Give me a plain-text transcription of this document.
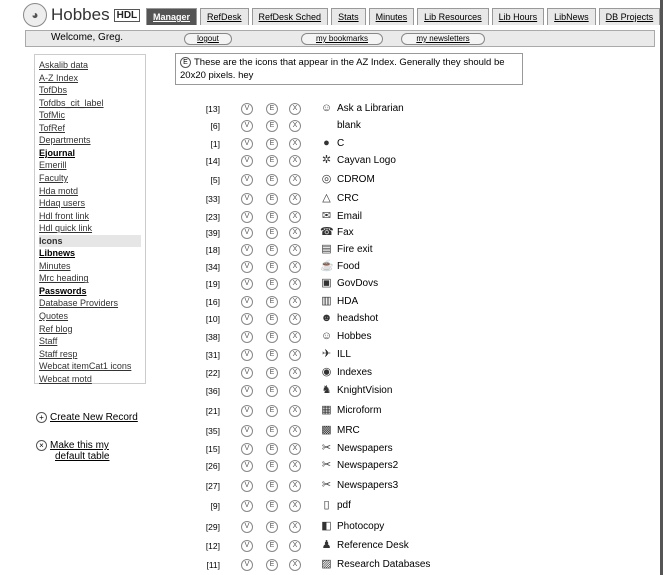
◕ Hobbes HDL	Manager	RefDesk	RefDesk Sched	Stats	Minutes	Lib Resources	Lib Hours	LibNews	DB Projects
Welcome, Greg.	logout	my bookmarks	my newsletters
Askalib data
A-Z Index
TofDbs
Tofdbs_cit_label
TofMic
TofRef
Departments
Ejournal
Emerill
Faculty
Hda motd
Hdaq users
Hdl front link
Hdl quick link
Icons
Libnews
Minutes
Mrc heading
Passwords
Database Providers
Quotes
Ref blog
Staff
Staff resp
Webcat itemCat1 icons
Webcat motd
+ Create New Record
× Make this my
default table
E These are the icons that appear in the AZ Index. Generally they should be 20x20 pixels. hey
[13]	V	E	X	☺ Ask a Librarian
[6]	V	E	X	blank
[1]	V	E	X	● C
[14]	V	E	X	✲ Cayvan Logo
[5]	V	E	X	◎ CDROM
[33]	V	E	X	△ CRC
[23]	V	E	X	✉ Email
[39]	V	E	X	☎ Fax
[18]	V	E	X	▤ Fire exit
[34]	V	E	X	☕ Food
[19]	V	E	X	▣ GovDovs
[16]	V	E	X	▥ HDA
[10]	V	E	X	☻ headshot
[38]	V	E	X	☺ Hobbes
[31]	V	E	X	✈ ILL
[22]	V	E	X	◉ Indexes
[36]	V	E	X	♞ KnightVision
[21]	V	E	X	▦ Microform
[35]	V	E	X	▩ MRC
[15]	V	E	X	✂ Newspapers
[26]	V	E	X	✂ Newspapers2
[27]	V	E	X	✂ Newspapers3
[9]	V	E	X	▯ pdf
[29]	V	E	X	◧ Photocopy
[12]	V	E	X	♟ Reference Desk
[11]	V	E	X	▨ Research Databases
